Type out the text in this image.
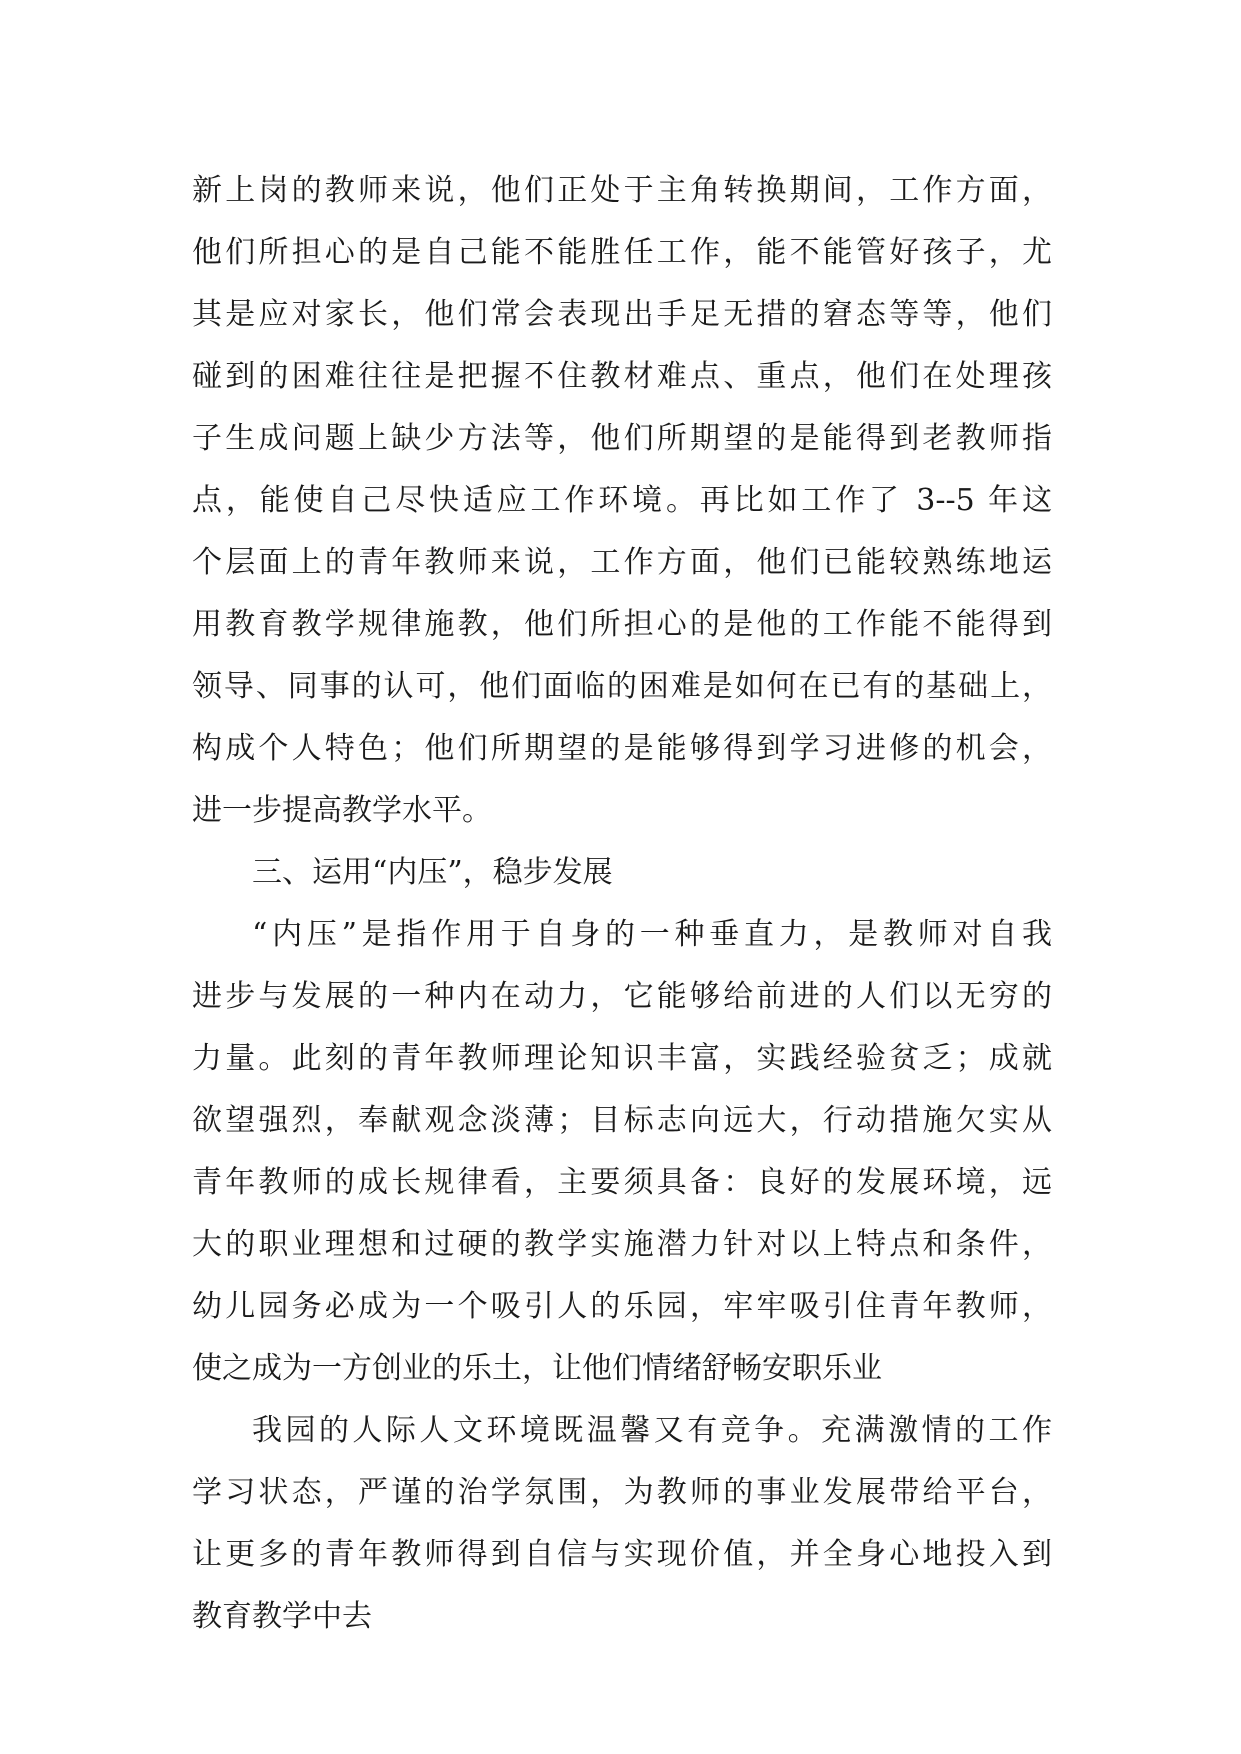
新上岗的教师来说，他们正处于主角转换期间，工作方面，
他们所担心的是自己能不能胜任工作，能不能管好孩子，尤
其是应对家长，他们常会表现出手足无措的窘态等等，他们
碰到的困难往往是把握不住教材难点、重点，他们在处理孩
子生成问题上缺少方法等，他们所期望的是能得到老教师指
点，能使自己尽快适应工作环境。再比如工作了 3--5 年这
个层面上的青年教师来说，工作方面，他们已能较熟练地运
用教育教学规律施教，他们所担心的是他的工作能不能得到
领导、同事的认可，他们面临的困难是如何在已有的基础上，
构成个人特色；他们所期望的是能够得到学习进修的机会，
进一步提高教学水平。
三、运用“内压”，稳步发展
“内压”是指作用于自身的一种垂直力，是教师对自我
进步与发展的一种内在动力，它能够给前进的人们以无穷的
力量。此刻的青年教师理论知识丰富，实践经验贫乏；成就
欲望强烈，奉献观念淡薄；目标志向远大，行动措施欠实从
青年教师的成长规律看，主要须具备：良好的发展环境，远
大的职业理想和过硬的教学实施潜力针对以上特点和条件，
幼儿园务必成为一个吸引人的乐园，牢牢吸引住青年教师，
使之成为一方创业的乐土，让他们情绪舒畅安职乐业
我园的人际人文环境既温馨又有竞争。充满激情的工作
学习状态，严谨的治学氛围，为教师的事业发展带给平台，
让更多的青年教师得到自信与实现价值，并全身心地投入到
教育教学中去
